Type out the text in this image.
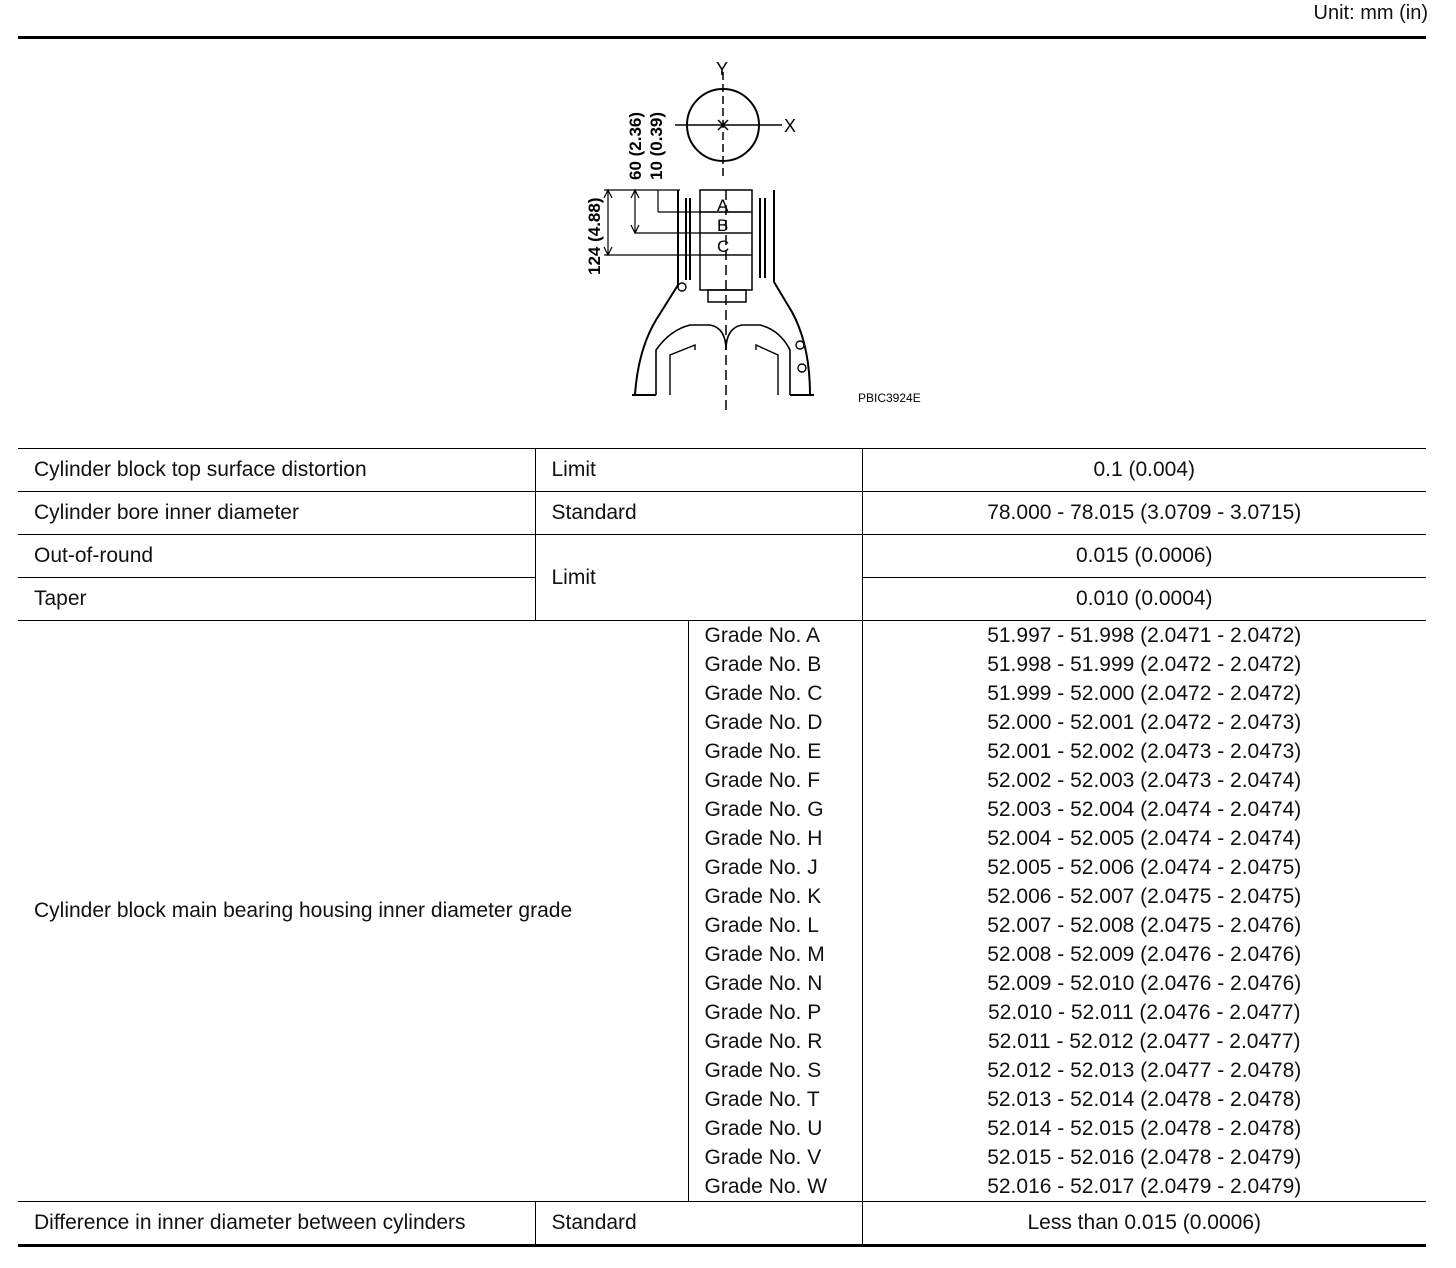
Unit: mm (in)
Y
X
60 (2.36) 10 (0.39)
124 (4.88)	A
B
C
PBIC3924E
Cylinder block top surface distortion	Limit		0.1 (0.004)
Cylinder bore inner diameter	Standard		78.000 - 78.015 (3.0709 - 3.0715)
Out-of-round	Limit		0.015 (0.0006)
Taper			0.010 (0.0004)
Cylinder block main bearing housing inner diameter grade		Grade No. A	51.997 - 51.998 (2.0471 - 2.0472)
		Grade No. B	51.998 - 51.999 (2.0472 - 2.0472)
		Grade No. C	51.999 - 52.000 (2.0472 - 2.0472)
		Grade No. D	52.000 - 52.001 (2.0472 - 2.0473)
		Grade No. E	52.001 - 52.002 (2.0473 - 2.0473)
		Grade No. F	52.002 - 52.003 (2.0473 - 2.0474)
		Grade No. G	52.003 - 52.004 (2.0474 - 2.0474)
		Grade No. H	52.004 - 52.005 (2.0474 - 2.0474)
		Grade No. J	52.005 - 52.006 (2.0474 - 2.0475)
		Grade No. K	52.006 - 52.007 (2.0475 - 2.0475)
		Grade No. L	52.007 - 52.008 (2.0475 - 2.0476)
		Grade No. M	52.008 - 52.009 (2.0476 - 2.0476)
		Grade No. N	52.009 - 52.010 (2.0476 - 2.0476)
		Grade No. P	52.010 - 52.011 (2.0476 - 2.0477)
		Grade No. R	52.011 - 52.012 (2.0477 - 2.0477)
		Grade No. S	52.012 - 52.013 (2.0477 - 2.0478)
		Grade No. T	52.013 - 52.014 (2.0478 - 2.0478)
		Grade No. U	52.014 - 52.015 (2.0478 - 2.0478)
		Grade No. V	52.015 - 52.016 (2.0478 - 2.0479)
		Grade No. W	52.016 - 52.017 (2.0479 - 2.0479)
Difference in inner diameter between cylinders	Standard		Less than 0.015 (0.0006)
